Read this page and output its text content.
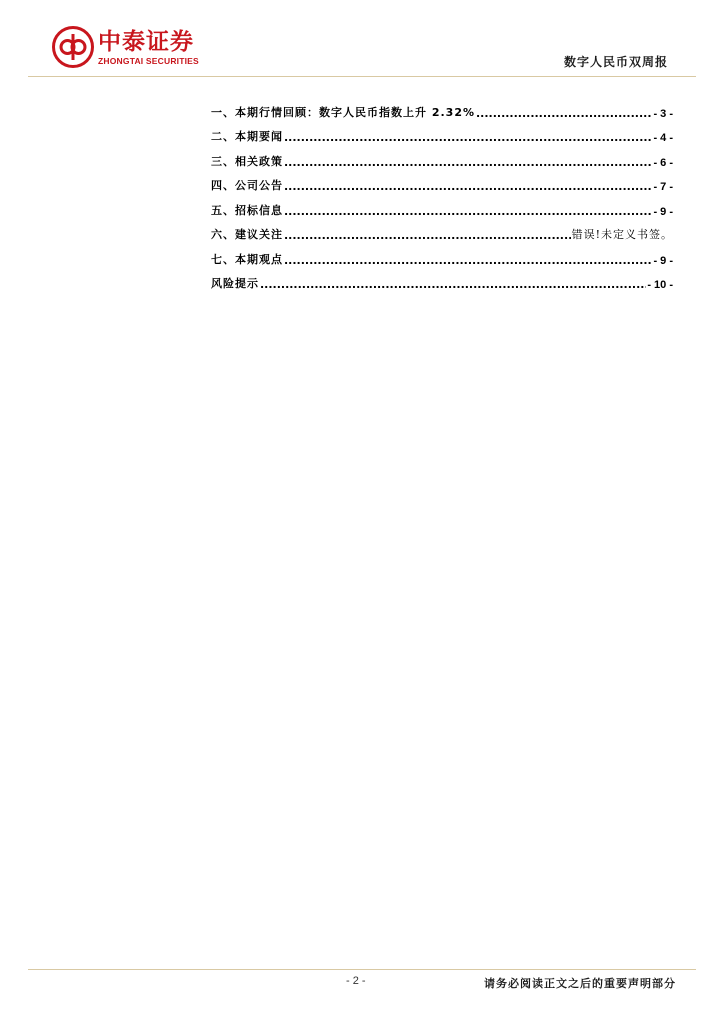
中泰证券
ZHONGTAI SECURITIES	数字人民币双周报
一、本期行情回顾：数字人民币指数上升 2.32% .....	- 3 -
二、本期要闻 .....	- 4 -
三、相关政策 .....	- 6 -
四、公司公告 .....	- 7 -
五、招标信息 .....	- 9 -
六、建议关注 .....	错误!未定义书签。
七、本期观点 .....	- 9 -
风险提示 .....	- 10 -
- 2 -	请务必阅读正文之后的重要声明部分
